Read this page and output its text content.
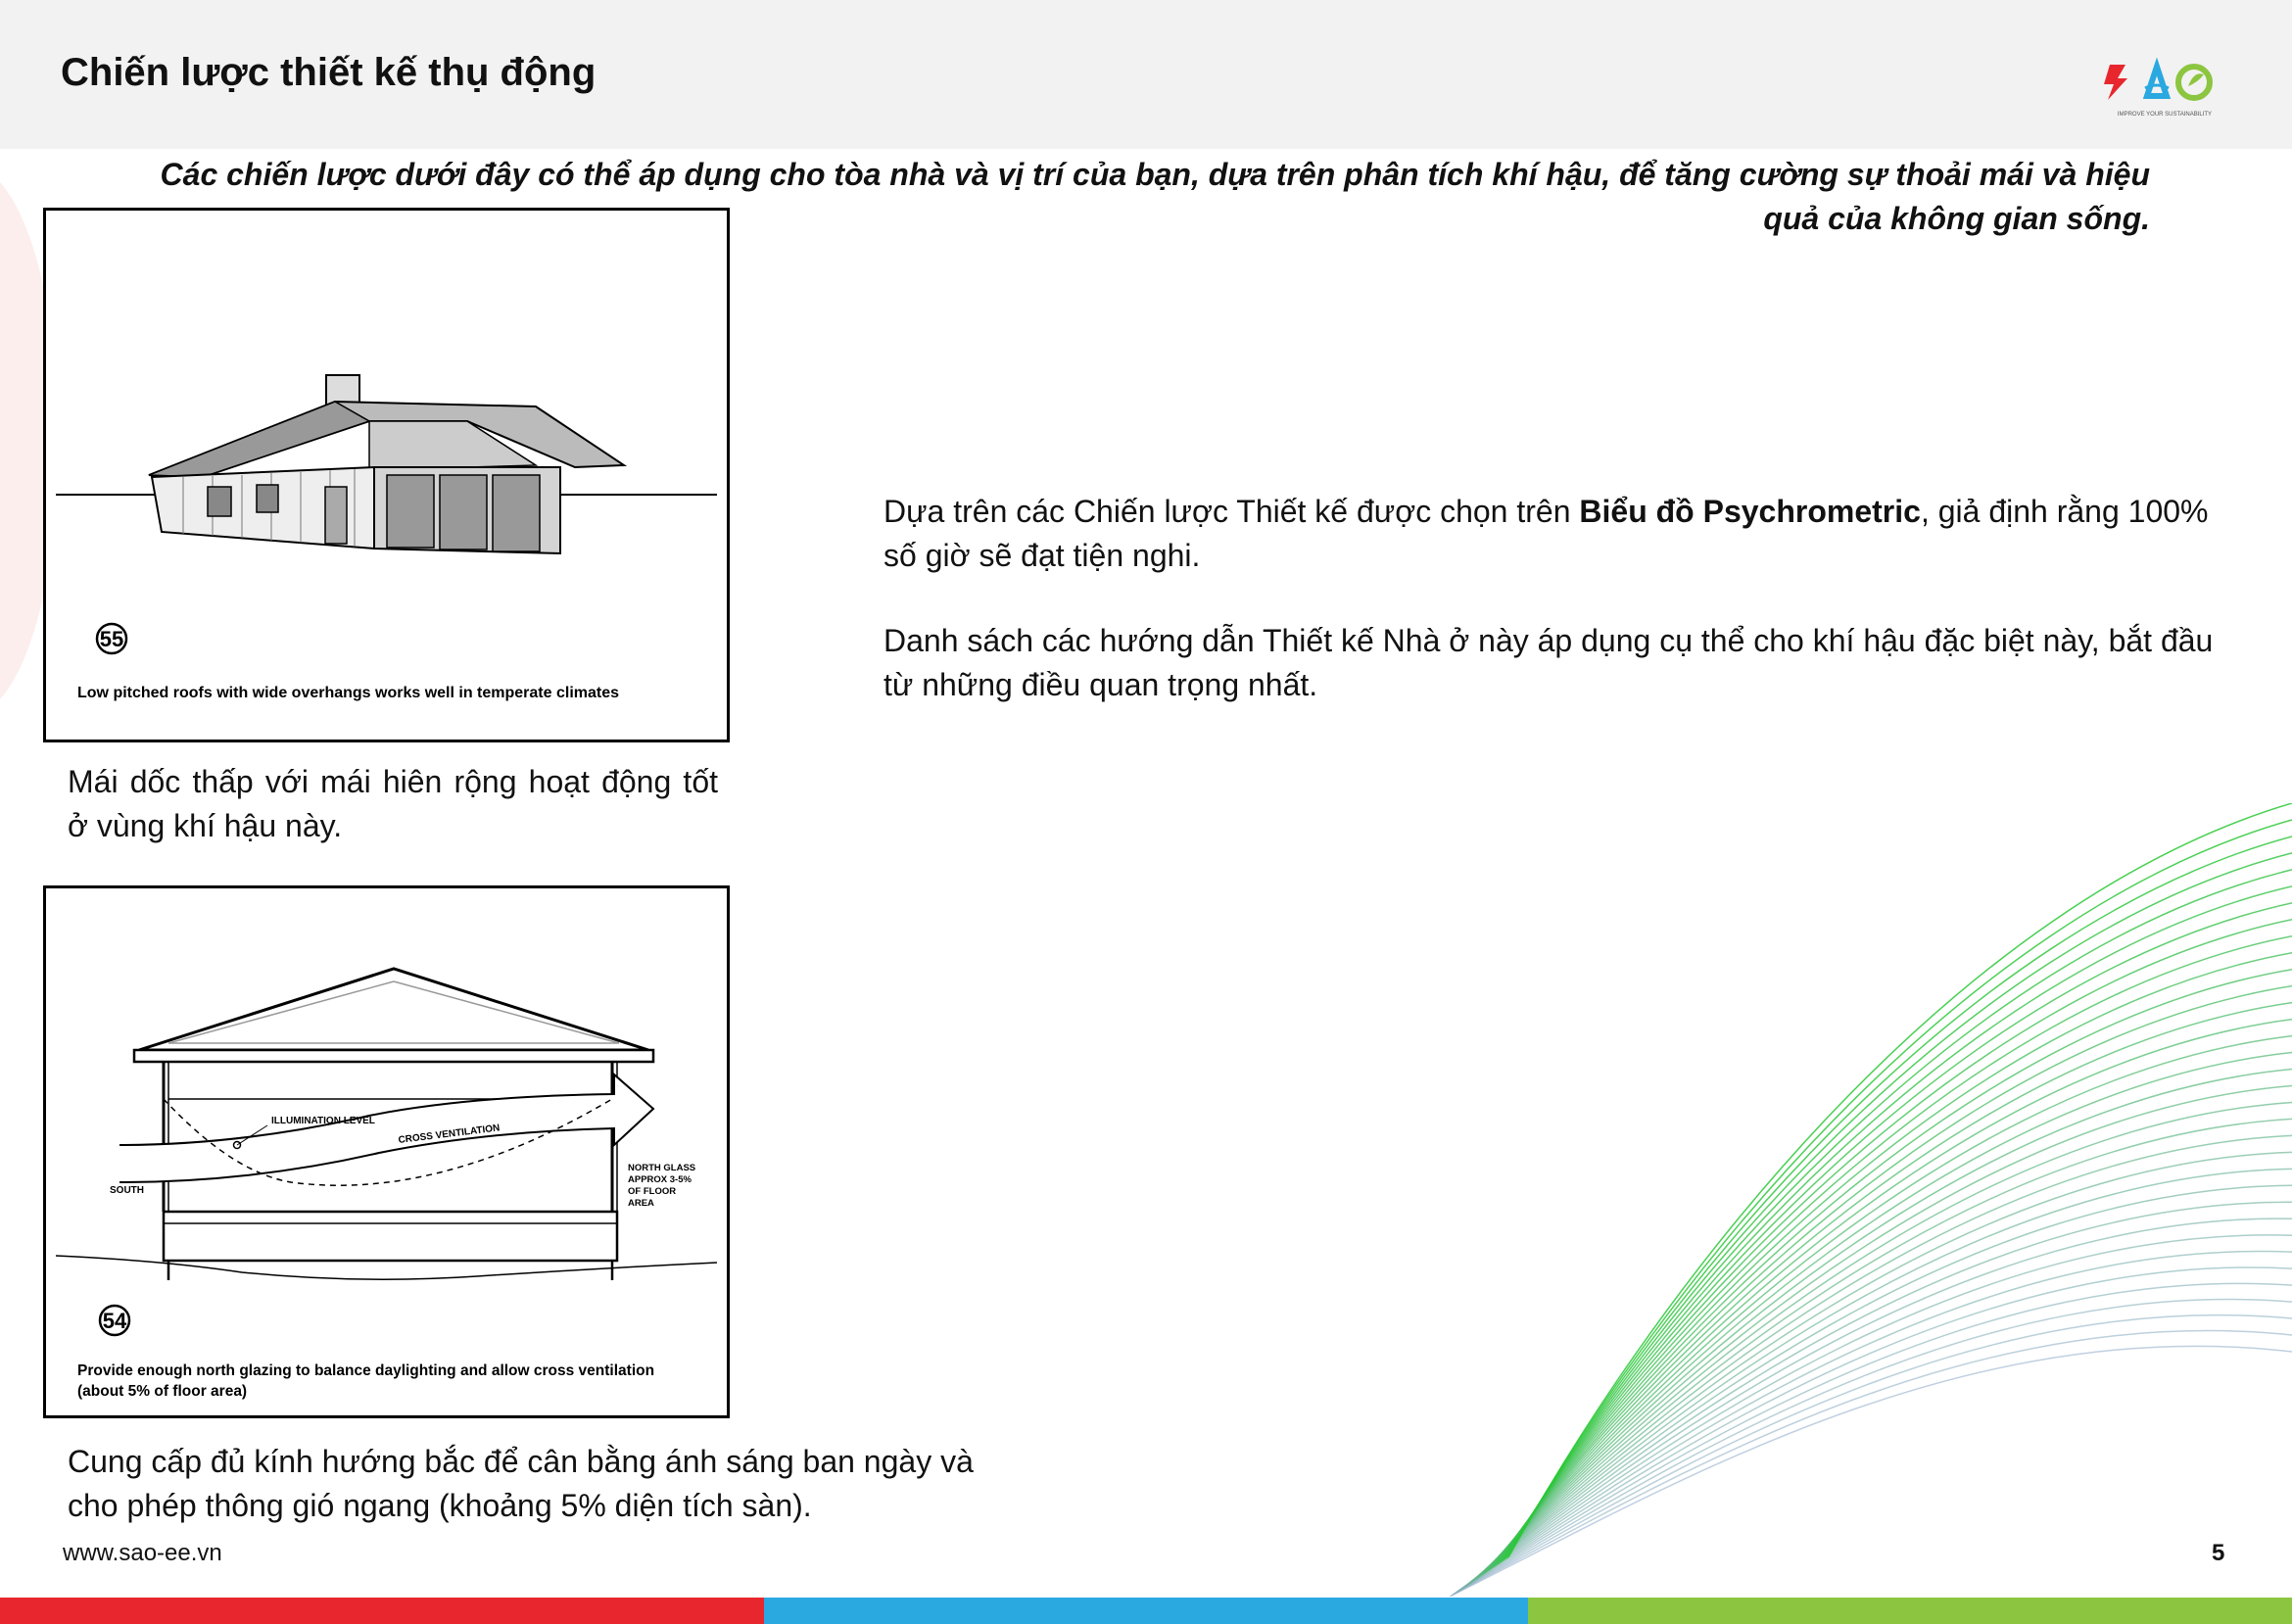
Chiến lược thiết kế thụ động
IMPROVE YOUR SUSTAINABILITY
Các chiến lược dưới đây có thể áp dụng cho tòa nhà và vị trí của bạn, dựa trên phân tích khí hậu, để tăng cường sự thoải mái và hiệu quả của không gian sống.
55
Low pitched roofs with wide overhangs works well in temperate climates
Mái dốc thấp với mái hiên rộng hoạt động tốt ở vùng khí hậu này.
ILLUMINATION LEVEL
CROSS VENTILATION
SOUTH
NORTH GLASS
APPROX 3-5%
OF FLOOR
AREA
54
Provide enough north glazing to balance daylighting and allow cross ventilation
(about 5% of floor area)
Cung cấp đủ kính hướng bắc để cân bằng ánh sáng ban ngày và cho phép thông gió ngang (khoảng 5% diện tích sàn).
Dựa trên các Chiến lược Thiết kế được chọn trên Biểu đồ Psychrometric, giả định rằng 100% số giờ sẽ đạt tiện nghi.
Danh sách các hướng dẫn Thiết kế Nhà ở này áp dụng cụ thể cho khí hậu đặc biệt này, bắt đầu từ những điều quan trọng nhất.
www.sao-ee.vn	5
